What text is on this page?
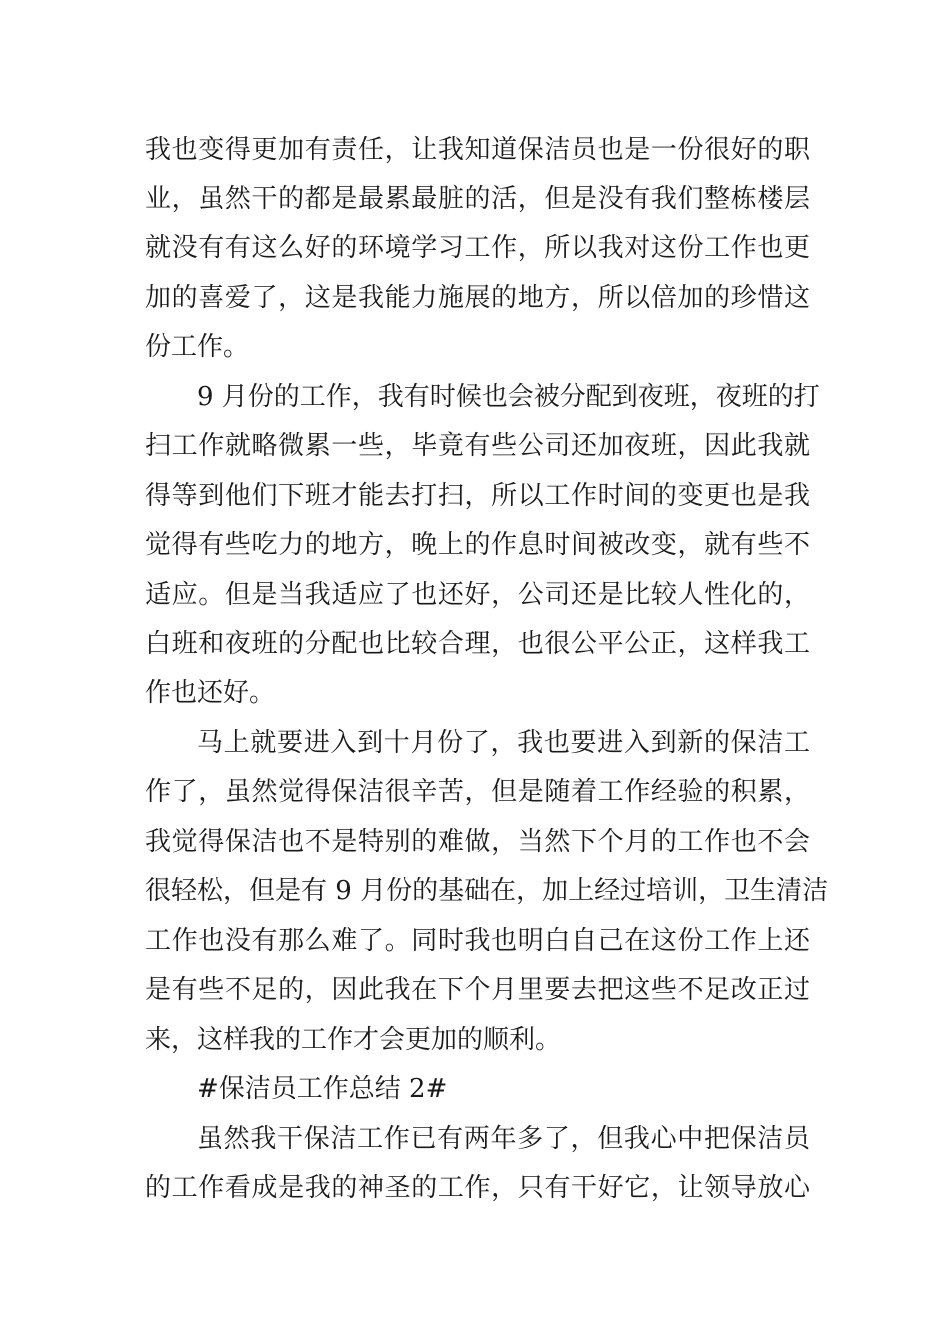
我也变得更加有责任，让我知道保洁员也是一份很好的职
业，虽然干的都是最累最脏的活，但是没有我们整栋楼层
就没有有这么好的环境学习工作，所以我对这份工作也更
加的喜爱了，这是我能力施展的地方，所以倍加的珍惜这
份工作。
9 月份的工作，我有时候也会被分配到夜班，夜班的打
扫工作就略微累一些，毕竟有些公司还加夜班，因此我就
得等到他们下班才能去打扫，所以工作时间的变更也是我
觉得有些吃力的地方，晚上的作息时间被改变，就有些不
适应。但是当我适应了也还好，公司还是比较人性化的，
白班和夜班的分配也比较合理，也很公平公正，这样我工
作也还好。
马上就要进入到十月份了，我也要进入到新的保洁工
作了，虽然觉得保洁很辛苦，但是随着工作经验的积累，
我觉得保洁也不是特别的难做，当然下个月的工作也不会
很轻松，但是有 9 月份的基础在，加上经过培训，卫生清洁
工作也没有那么难了。同时我也明白自己在这份工作上还
是有些不足的，因此我在下个月里要去把这些不足改正过
来，这样我的工作才会更加的顺利。
#保洁员工作总结 2#
虽然我干保洁工作已有两年多了，但我心中把保洁员
的工作看成是我的神圣的工作，只有干好它，让领导放心
